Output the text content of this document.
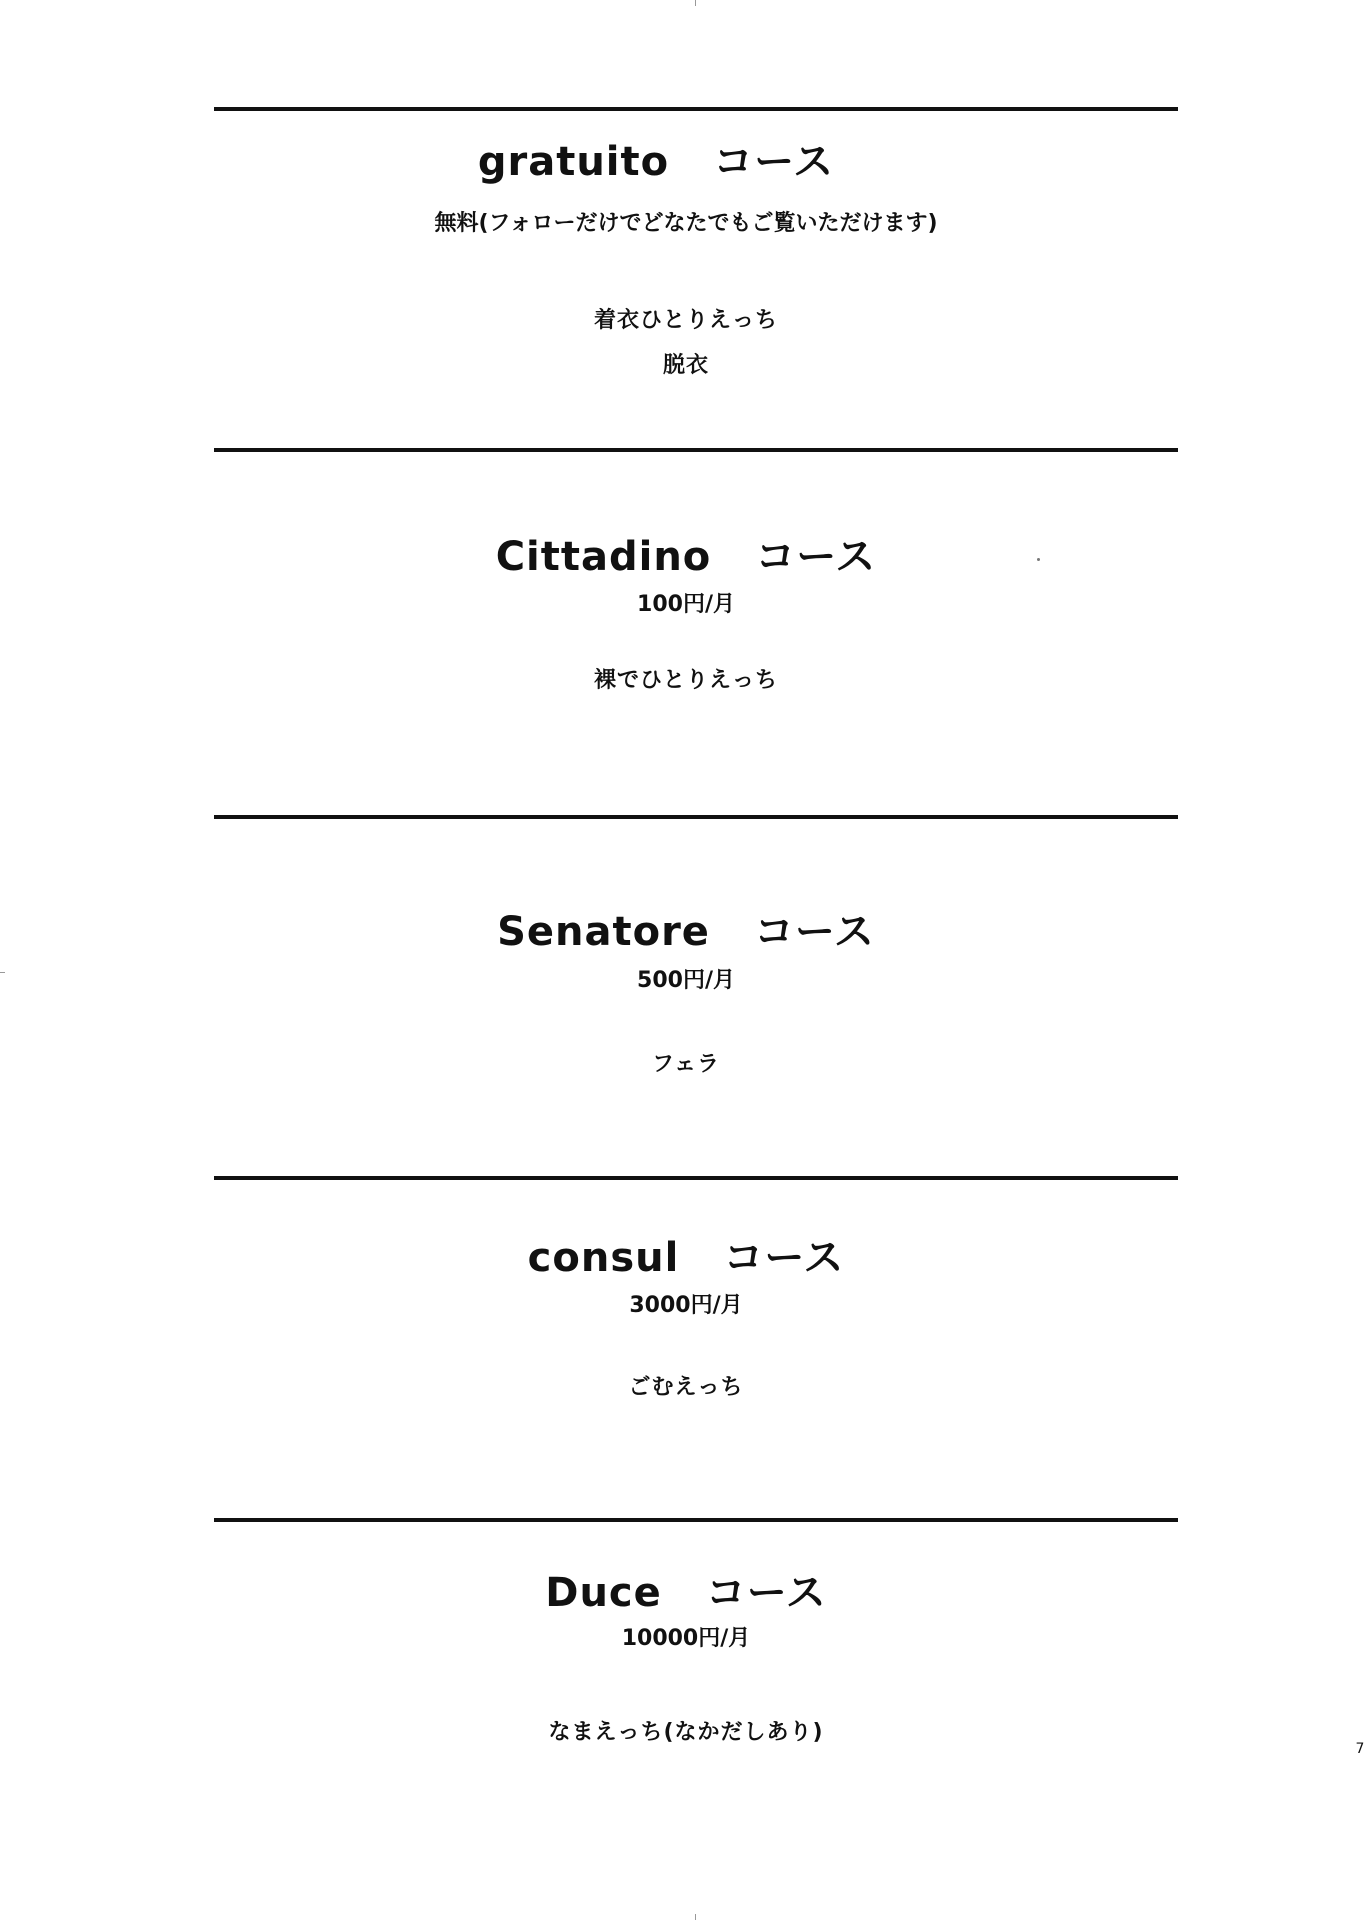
gratuito コース
無料(フォローだけでどなたでもご覧いただけます)
着衣ひとりえっち
脱衣
Cittadino コース
100円/月
裸でひとりえっち
Senatore コース
500円/月
フェラ
consul コース
3000円/月
ごむえっち
Duce コース
10000円/月
なまえっち(なかだしあり)
7
